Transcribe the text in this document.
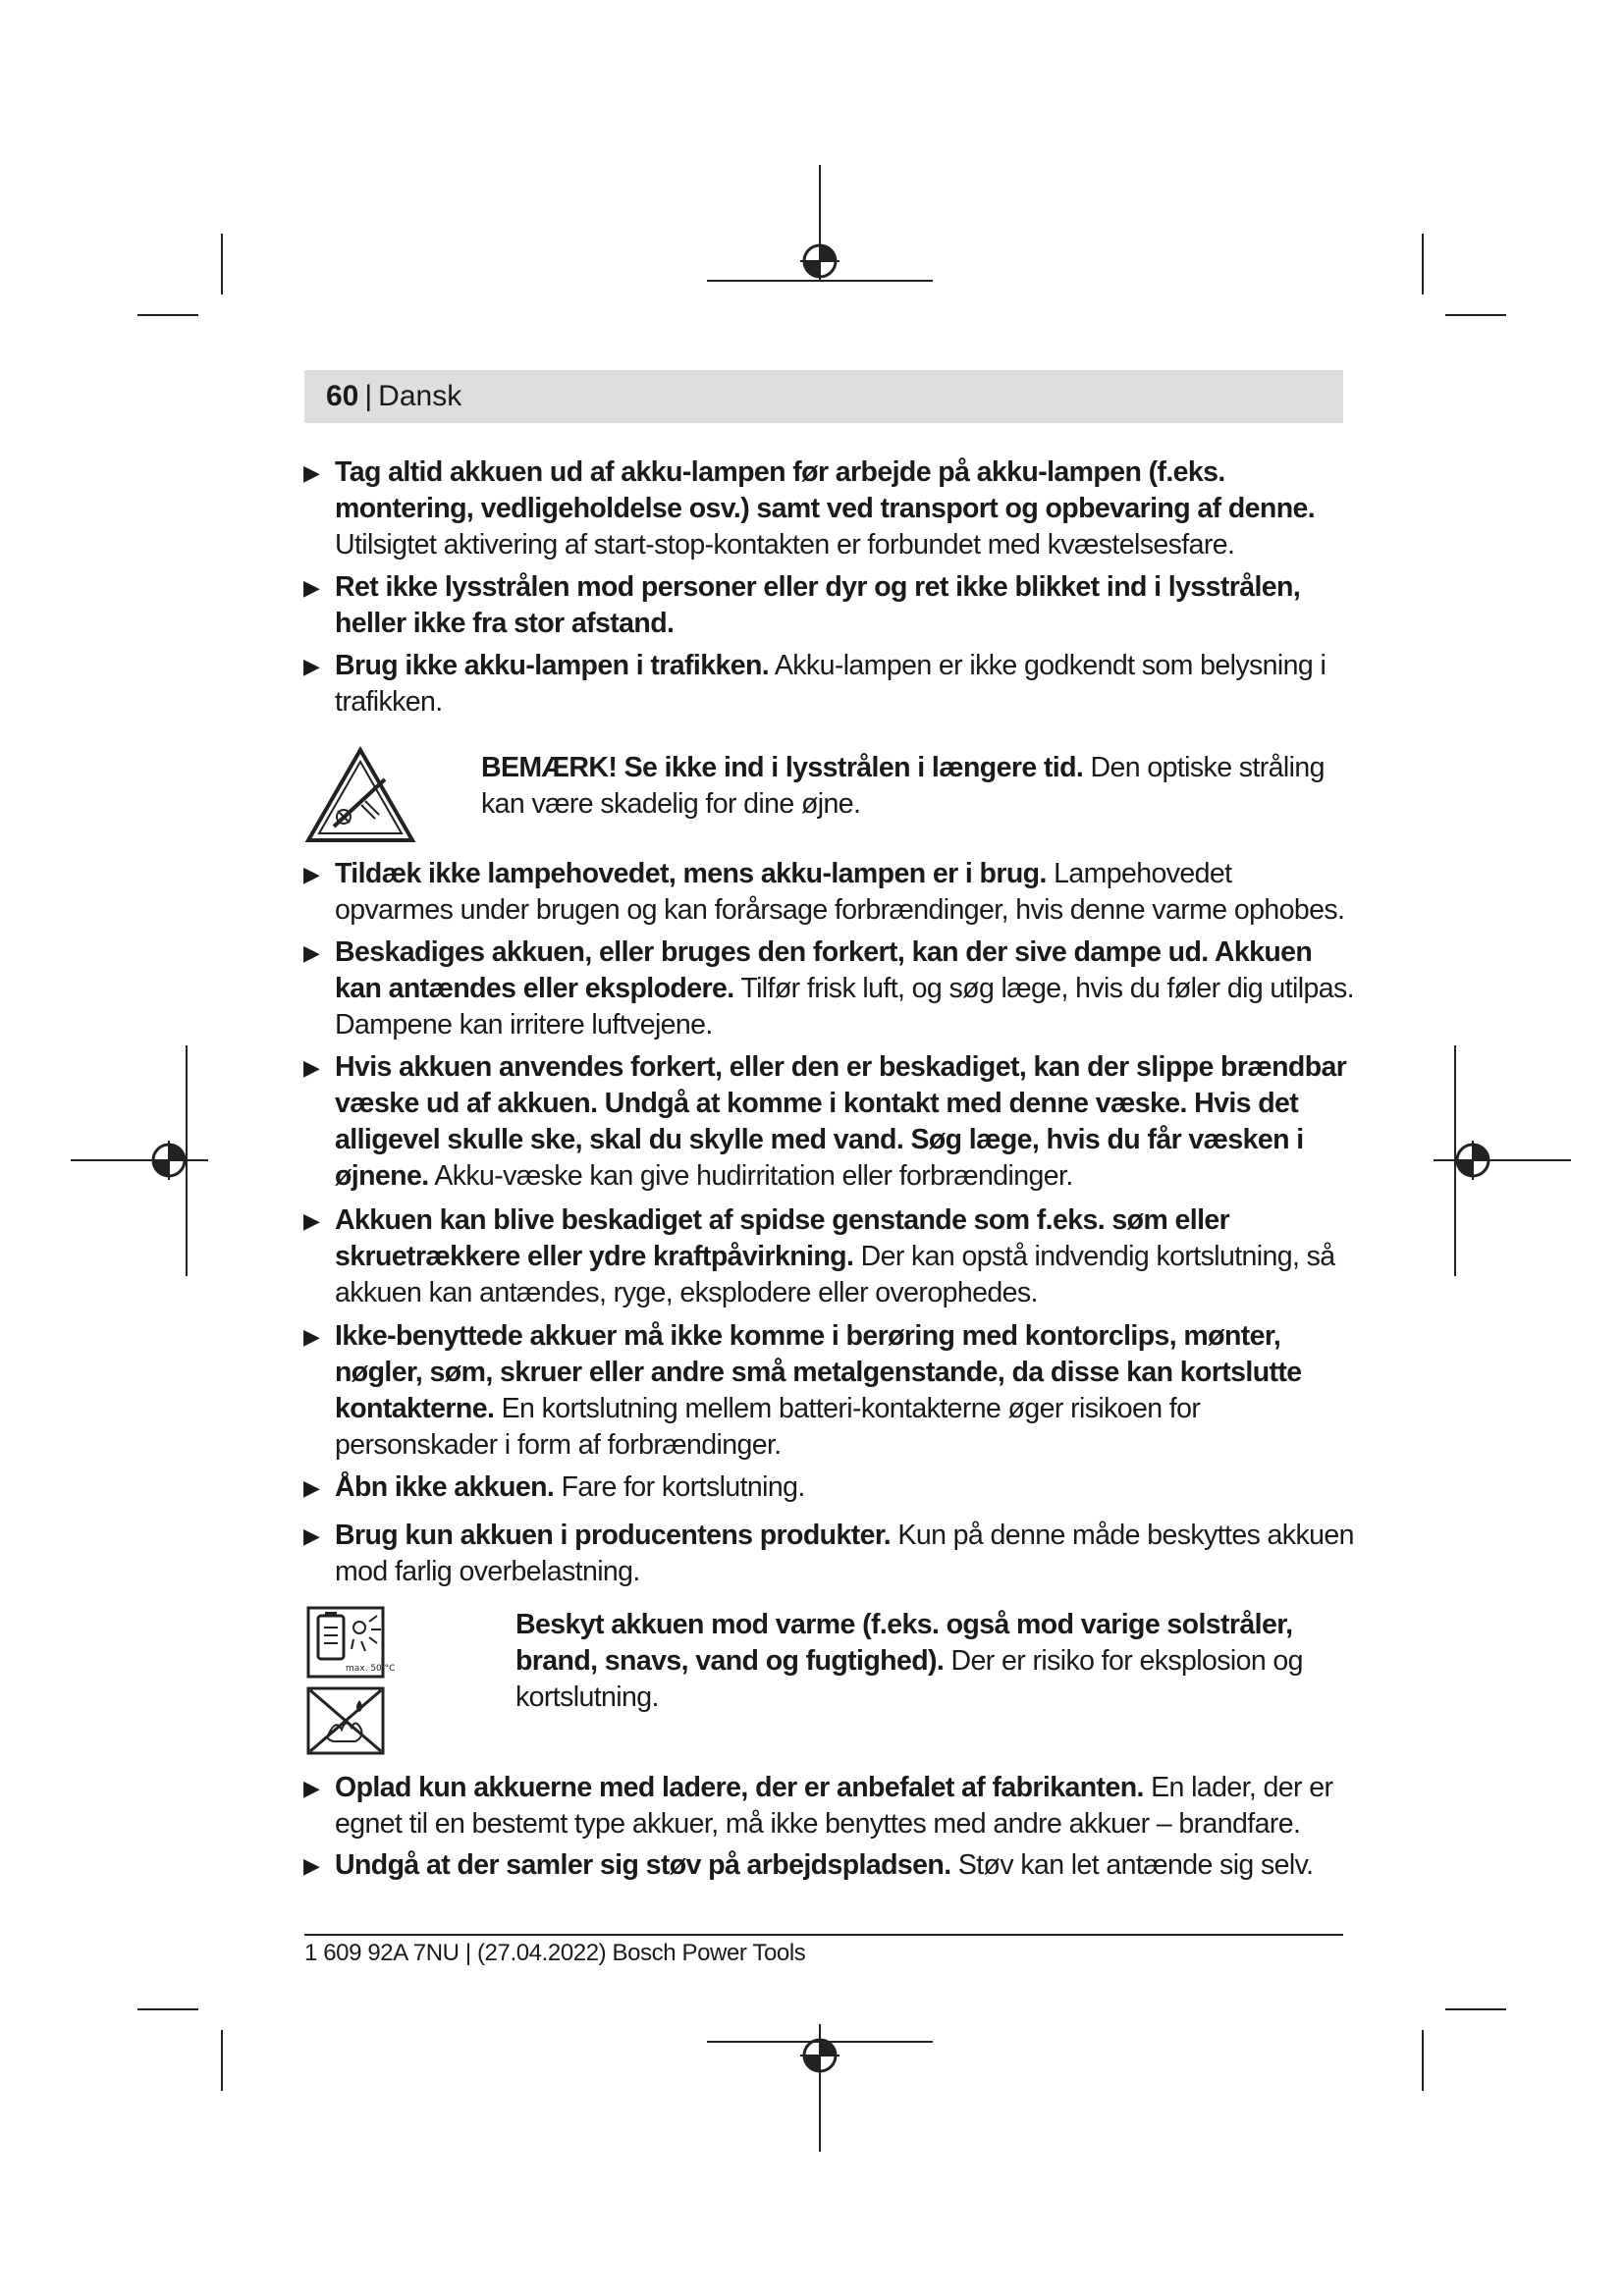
60 | Dansk
▶ Tag altid akkuen ud af akku-lampen før arbejde på akku-lampen (f.eks. montering, vedligeholdelse osv.) samt ved transport og opbevaring af denne. Utilsigtet aktivering af start-stop-kontakten er forbundet med kvæstelsesfare.
▶ Ret ikke lysstrålen mod personer eller dyr og ret ikke blikket ind i lysstrålen, heller ikke fra stor afstand.
▶ Brug ikke akku-lampen i trafikken. Akku-lampen er ikke godkendt som belysning i trafikken.
BEMÆRK! Se ikke ind i lysstrålen i længere tid. Den optiske stråling kan være skadelig for dine øjne.
▶ Tildæk ikke lampehovedet, mens akku-lampen er i brug. Lampehovedet opvarmes under brugen og kan forårsage forbrændinger, hvis denne varme ophobes.
▶ Beskadiges akkuen, eller bruges den forkert, kan der sive dampe ud. Akkuen kan antændes eller eksplodere. Tilfør frisk luft, og søg læge, hvis du føler dig utilpas. Dampene kan irritere luftvejene.
▶ Hvis akkuen anvendes forkert, eller den er beskadiget, kan der slippe brændbar væske ud af akkuen. Undgå at komme i kontakt med denne væske. Hvis det alligevel skulle ske, skal du skylle med vand. Søg læge, hvis du får væsken i øjnene. Akku-væske kan give hudirritation eller forbrændinger.
▶ Akkuen kan blive beskadiget af spidse genstande som f.eks. søm eller skruetrækkere eller ydre kraftpåvirkning. Der kan opstå indvendig kortslutning, så akkuen kan antændes, ryge, eksplodere eller overophedes.
▶ Ikke-benyttede akkuer må ikke komme i berøring med kontorclips, mønter, nøgler, søm, skruer eller andre små metalgenstande, da disse kan kortslutte kontakterne. En kortslutning mellem batteri-kontakterne øger risikoen for personskader i form af forbrændinger.
▶ Åbn ikke akkuen. Fare for kortslutning.
▶ Brug kun akkuen i producentens produkter. Kun på denne måde beskyttes akkuen mod farlig overbelastning.
max. 50 °C
Beskyt akkuen mod varme (f.eks. også mod varige solstråler, brand, snavs, vand og fugtighed). Der er risiko for eksplosion og kortslutning.
▶ Oplad kun akkuerne med ladere, der er anbefalet af fabrikanten. En lader, der er egnet til en bestemt type akkuer, må ikke benyttes med andre akkuer – brandfare.
▶ Undgå at der samler sig støv på arbejdspladsen. Støv kan let antænde sig selv.
1 609 92A 7NU | (27.04.2022) Bosch Power Tools
